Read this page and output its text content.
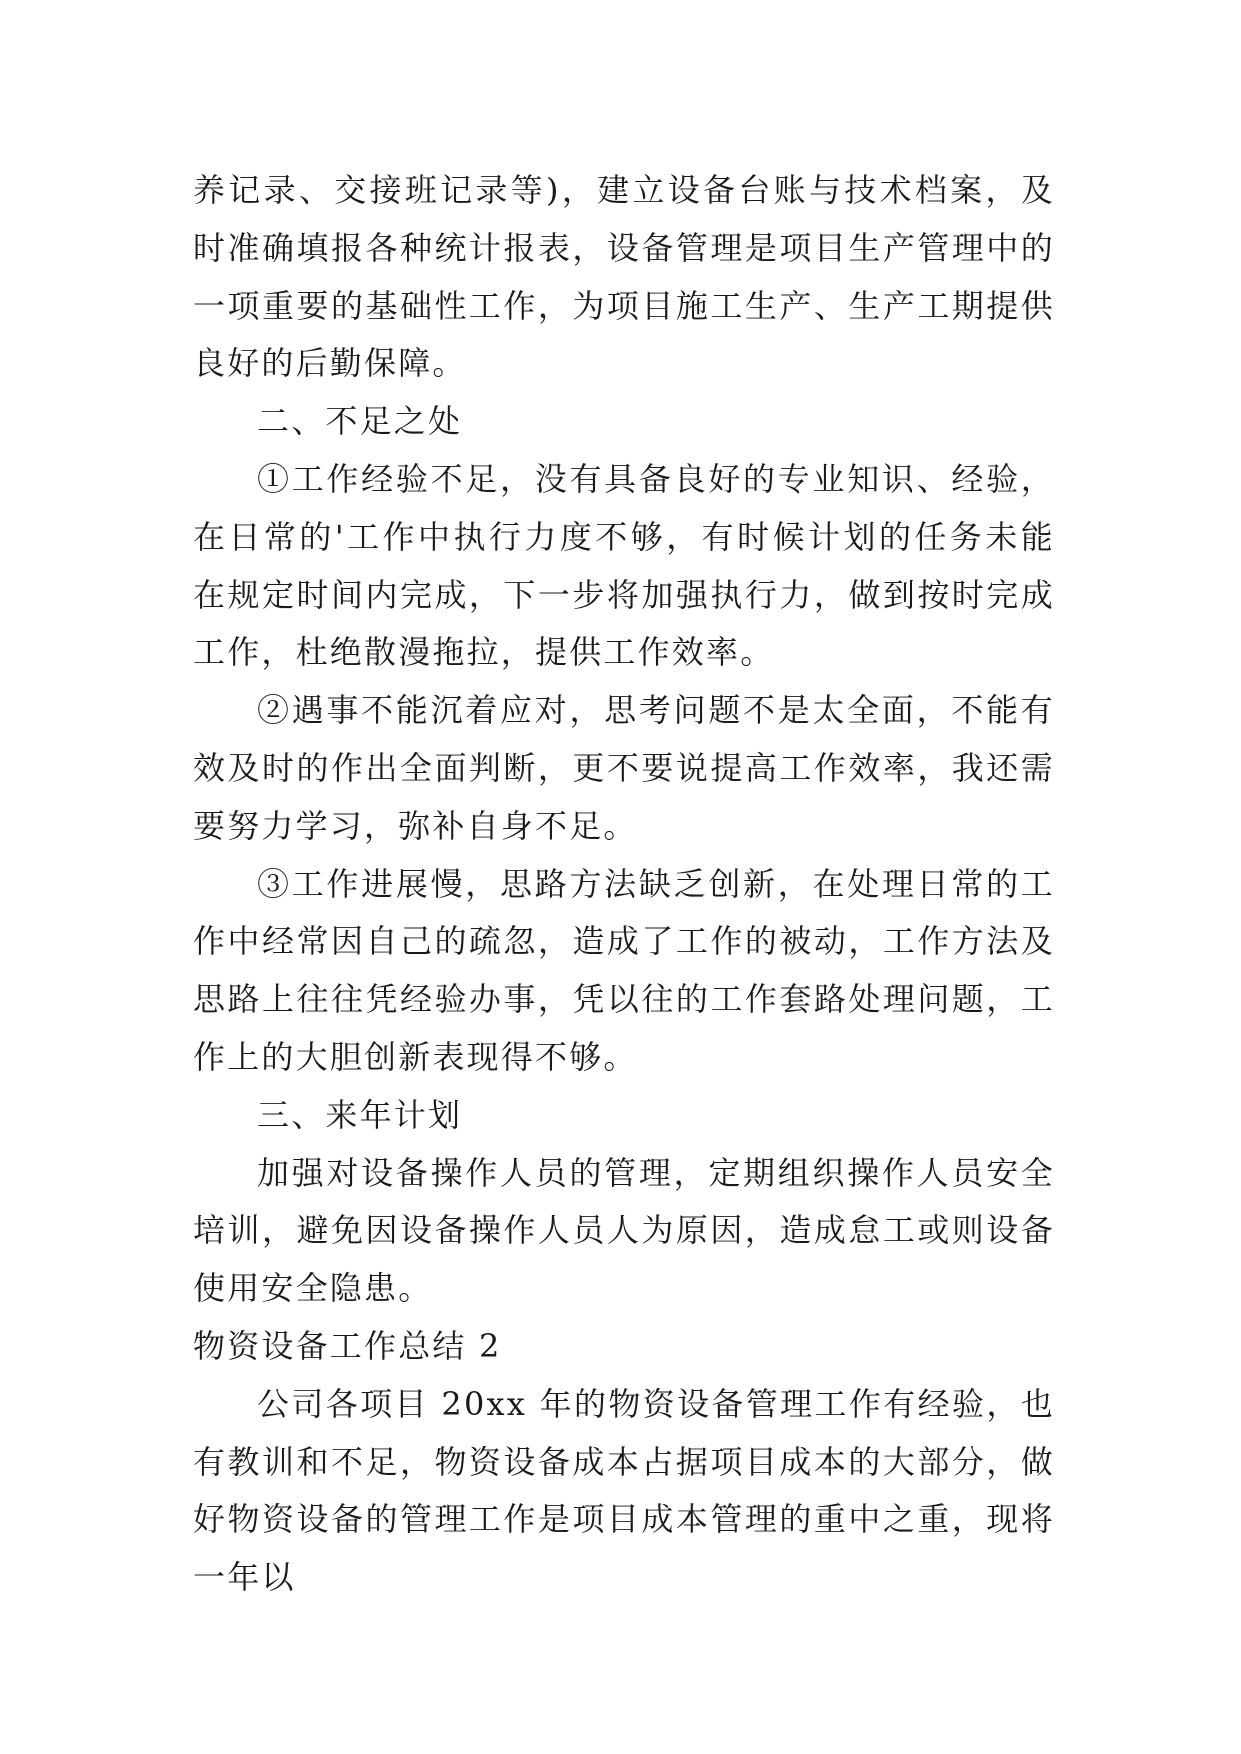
养记录、交接班记录等)，建立设备台账与技术档案，及时准确填报各种统计报表，设备管理是项目生产管理中的一项重要的基础性工作，为项目施工生产、生产工期提供良好的后勤保障。

二、不足之处

①工作经验不足，没有具备良好的专业知识、经验，在日常的'工作中执行力度不够，有时候计划的任务未能在规定时间内完成，下一步将加强执行力，做到按时完成工作，杜绝散漫拖拉，提供工作效率。

②遇事不能沉着应对，思考问题不是太全面，不能有效及时的作出全面判断，更不要说提高工作效率，我还需要努力学习，弥补自身不足。

③工作进展慢，思路方法缺乏创新，在处理日常的工作中经常因自己的疏忽，造成了工作的被动，工作方法及思路上往往凭经验办事，凭以往的工作套路处理问题，工作上的大胆创新表现得不够。

三、来年计划

加强对设备操作人员的管理，定期组织操作人员安全培训，避免因设备操作人员人为原因，造成怠工或则设备使用安全隐患。

物资设备工作总结 2

公司各项目 20xx 年的物资设备管理工作有经验，也有教训和不足，物资设备成本占据项目成本的大部分，做好物资设备的管理工作是项目成本管理的重中之重，现将一年以
